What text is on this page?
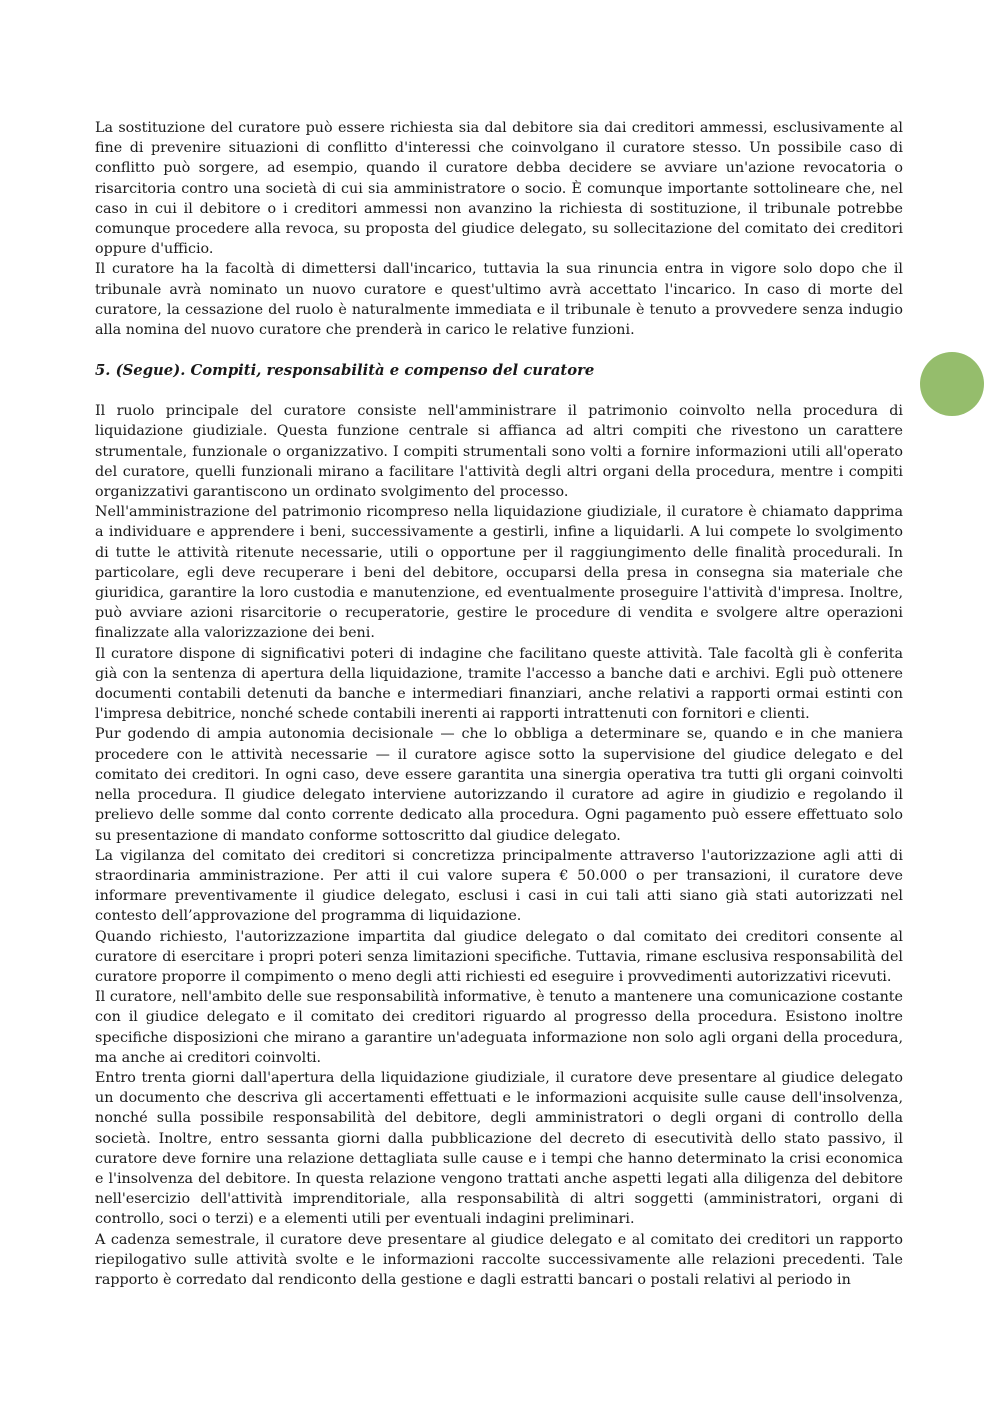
La sostituzione del curatore può essere richiesta sia dal debitore sia dai creditori ammessi, esclusivamente al fine di prevenire situazioni di conflitto d'interessi che coinvolgano il curatore stesso. Un possibile caso di conflitto può sorgere, ad esempio, quando il curatore debba decidere se avviare un'azione revocatoria o risarcitoria contro una società di cui sia amministratore o socio. È comunque importante sottolineare che, nel caso in cui il debitore o i creditori ammessi non avanzino la richiesta di sostituzione, il tribunale potrebbe comunque procedere alla revoca, su proposta del giudice delegato, su sollecitazione del comitato dei creditori oppure d'ufficio.

Il curatore ha la facoltà di dimettersi dall'incarico, tuttavia la sua rinuncia entra in vigore solo dopo che il tribunale avrà nominato un nuovo curatore e quest'ultimo avrà accettato l'incarico. In caso di morte del curatore, la cessazione del ruolo è naturalmente immediata e il tribunale è tenuto a provvedere senza indugio alla nomina del nuovo curatore che prenderà in carico le relative funzioni.

5. (Segue). Compiti, responsabilità e compenso del curatore

Il ruolo principale del curatore consiste nell'amministrare il patrimonio coinvolto nella procedura di liquidazione giudiziale. Questa funzione centrale si affianca ad altri compiti che rivestono un carattere strumentale, funzionale o organizzativo. I compiti strumentali sono volti a fornire informazioni utili all'operato del curatore, quelli funzionali mirano a facilitare l'attività degli altri organi della procedura, mentre i compiti organizzativi garantiscono un ordinato svolgimento del processo.

Nell'amministrazione del patrimonio ricompreso nella liquidazione giudiziale, il curatore è chiamato dapprima a individuare e apprendere i beni, successivamente a gestirli, infine a liquidarli. A lui compete lo svolgimento di tutte le attività ritenute necessarie, utili o opportune per il raggiungimento delle finalità procedurali. In particolare, egli deve recuperare i beni del debitore, occuparsi della presa in consegna sia materiale che giuridica, garantire la loro custodia e manutenzione, ed eventualmente proseguire l'attività d'impresa. Inoltre, può avviare azioni risarcitorie o recuperatorie, gestire le procedure di vendita e svolgere altre operazioni finalizzate alla valorizzazione dei beni.

Il curatore dispone di significativi poteri di indagine che facilitano queste attività. Tale facoltà gli è conferita già con la sentenza di apertura della liquidazione, tramite l'accesso a banche dati e archivi. Egli può ottenere documenti contabili detenuti da banche e intermediari finanziari, anche relativi a rapporti ormai estinti con l'impresa debitrice, nonché schede contabili inerenti ai rapporti intrattenuti con fornitori e clienti.

Pur godendo di ampia autonomia decisionale — che lo obbliga a determinare se, quando e in che maniera procedere con le attività necessarie — il curatore agisce sotto la supervisione del giudice delegato e del comitato dei creditori. In ogni caso, deve essere garantita una sinergia operativa tra tutti gli organi coinvolti nella procedura. Il giudice delegato interviene autorizzando il curatore ad agire in giudizio e regolando il prelievo delle somme dal conto corrente dedicato alla procedura. Ogni pagamento può essere effettuato solo su presentazione di mandato conforme sottoscritto dal giudice delegato.

La vigilanza del comitato dei creditori si concretizza principalmente attraverso l'autorizzazione agli atti di straordinaria amministrazione. Per atti il cui valore supera € 50.000 o per transazioni, il curatore deve informare preventivamente il giudice delegato, esclusi i casi in cui tali atti siano già stati autorizzati nel contesto dell’approvazione del programma di liquidazione.

Quando richiesto, l'autorizzazione impartita dal giudice delegato o dal comitato dei creditori consente al curatore di esercitare i propri poteri senza limitazioni specifiche. Tuttavia, rimane esclusiva responsabilità del curatore proporre il compimento o meno degli atti richiesti ed eseguire i provvedimenti autorizzativi ricevuti.

Il curatore, nell'ambito delle sue responsabilità informative, è tenuto a mantenere una comunicazione costante con il giudice delegato e il comitato dei creditori riguardo al progresso della procedura. Esistono inoltre specifiche disposizioni che mirano a garantire un'adeguata informazione non solo agli organi della procedura, ma anche ai creditori coinvolti.

Entro trenta giorni dall'apertura della liquidazione giudiziale, il curatore deve presentare al giudice delegato un documento che descriva gli accertamenti effettuati e le informazioni acquisite sulle cause dell'insolvenza, nonché sulla possibile responsabilità del debitore, degli amministratori o degli organi di controllo della società. Inoltre, entro sessanta giorni dalla pubblicazione del decreto di esecutività dello stato passivo, il curatore deve fornire una relazione dettagliata sulle cause e i tempi che hanno determinato la crisi economica e l'insolvenza del debitore. In questa relazione vengono trattati anche aspetti legati alla diligenza del debitore nell'esercizio dell'attività imprenditoriale, alla responsabilità di altri soggetti (amministratori, organi di controllo, soci o terzi) e a elementi utili per eventuali indagini preliminari.

A cadenza semestrale, il curatore deve presentare al giudice delegato e al comitato dei creditori un rapporto riepilogativo sulle attività svolte e le informazioni raccolte successivamente alle relazioni precedenti. Tale rapporto è corredato dal rendiconto della gestione e dagli estratti bancari o postali relativi al periodo in
